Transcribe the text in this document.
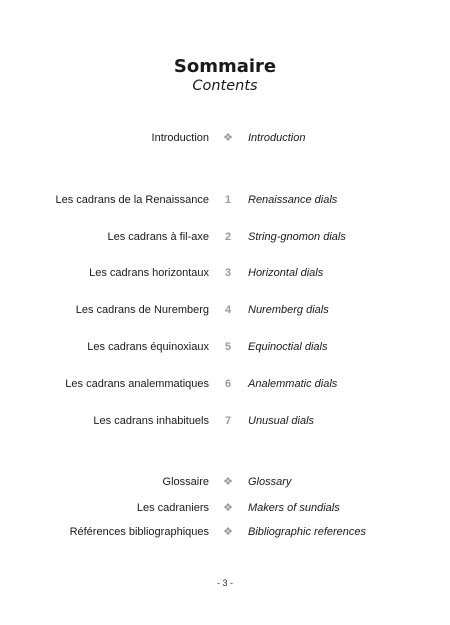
Sommaire
Contents
Introduction ❖ Introduction
Les cadrans de la Renaissance	1	Renaissance dials
Les cadrans à fil-axe	2	String-gnomon dials
Les cadrans horizontaux	3	Horizontal dials
Les cadrans de Nuremberg	4	Nuremberg dials
Les cadrans équinoxiaux	5	Equinoctial dials
Les cadrans analemmatiques	6	Analemmatic dials
Les cadrans inhabituels	7	Unusual dials
Glossaire ❖ Glossary
Les cadraniers ❖ Makers of sundials
Références bibliographiques ❖ Bibliographic references
- 3 -
